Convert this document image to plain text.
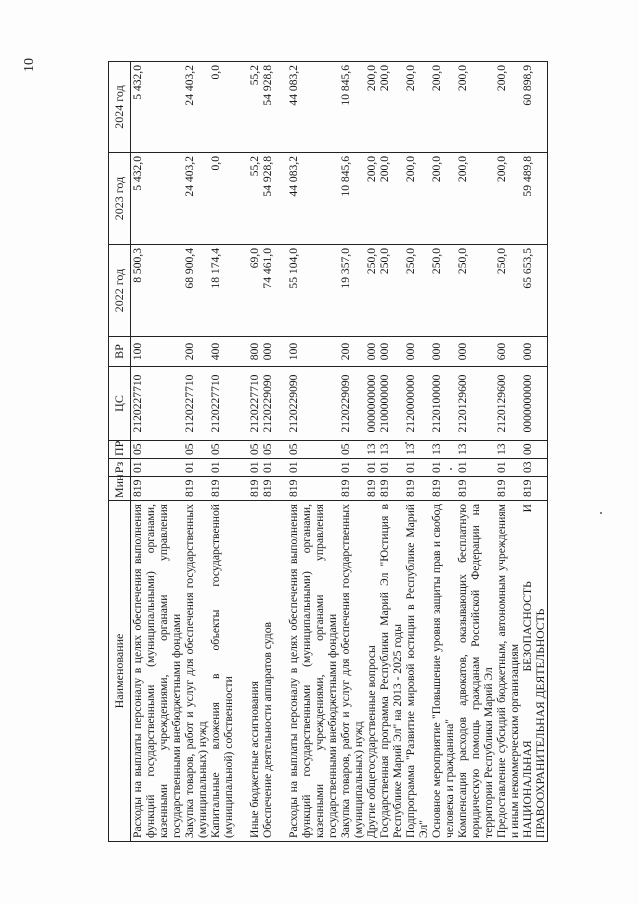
10
Наименование	Мин	Рз	ПР	ЦС	ВР	2022 год	2023 год	2024 год
Расходы на выплаты персоналу в целях обеспечения выполнения функций государственными (муниципальными) органами, казенными учреждениями, органами управления государственными внебюджетными фондами	819	01	05	2120227710	100	8 500,3	5 432,0	5 432,0
Закупка товаров, работ и услуг для обеспечения государственных (муниципальных) нужд	819	01	05	2120227710	200	68 900,4	24 403,2	24 403,2
Капитальные вложения в объекты государственной (муниципальной) собственности	819	01	05	2120227710	400	18 174,4	0,0	0,0

Иные бюджетные ассигнования	819	01	05	2120227710	800	69,0	55,2	55,2
Обеспечение деятельности аппаратов судов	819	01	05	2120229090	000	74 461,0	54 928,8	54 928,8

Расходы на выплаты персоналу в целях обеспечения выполнения функций государственными (муниципальными) органами, казенными учреждениями, органами управления государственными внебюджетными фондами	819	01	05	2120229090	100	55 104,0	44 083,2	44 083,2
Закупка товаров, работ и услуг для обеспечения государственных (муниципальных) нужд	819	01	05	2120229090	200	19 357,0	10 845,6	10 845,6
Другие общегосударственные вопросы	819	01	13	0000000000	000	250,0	200,0	200,0
Государственная программа Республики Марий Эл "Юстиция в Республике Марий Эл" на 2013 - 2025 годы	819	01	13	2100000000	000	250,0	200,0	200,0
Подпрограмма "Развитие мировой юстиции в Республике Марий Эл"	819	01	13	2120000000	000	250,0	200,0	200,0
Основное мероприятие "Повышение уровня защиты прав и свобод человека и гражданина"	819	01	13	2120100000	000	250,0	200,0	200,0
Компенсация расходов адвокатов, оказывающих бесплатную юридическую помощь гражданам Российской Федерации на территории Республики Марий Эл	819	01	13	2120129600	000	250,0	200,0	200,0
Предоставление субсидий бюджетным, автономным учреждениям и иным некоммерческим организациям	819	01	13	2120129600	600	250,0	200,0	200,0
НАЦИОНАЛЬНАЯ БЕЗОПАСНОСТЬ И ПРАВООХРАНИТЕЛЬНАЯ ДЕЯТЕЛЬНОСТЬ	819	03	00	0000000000	000	65 653,5	59 489,8	60 898,9
